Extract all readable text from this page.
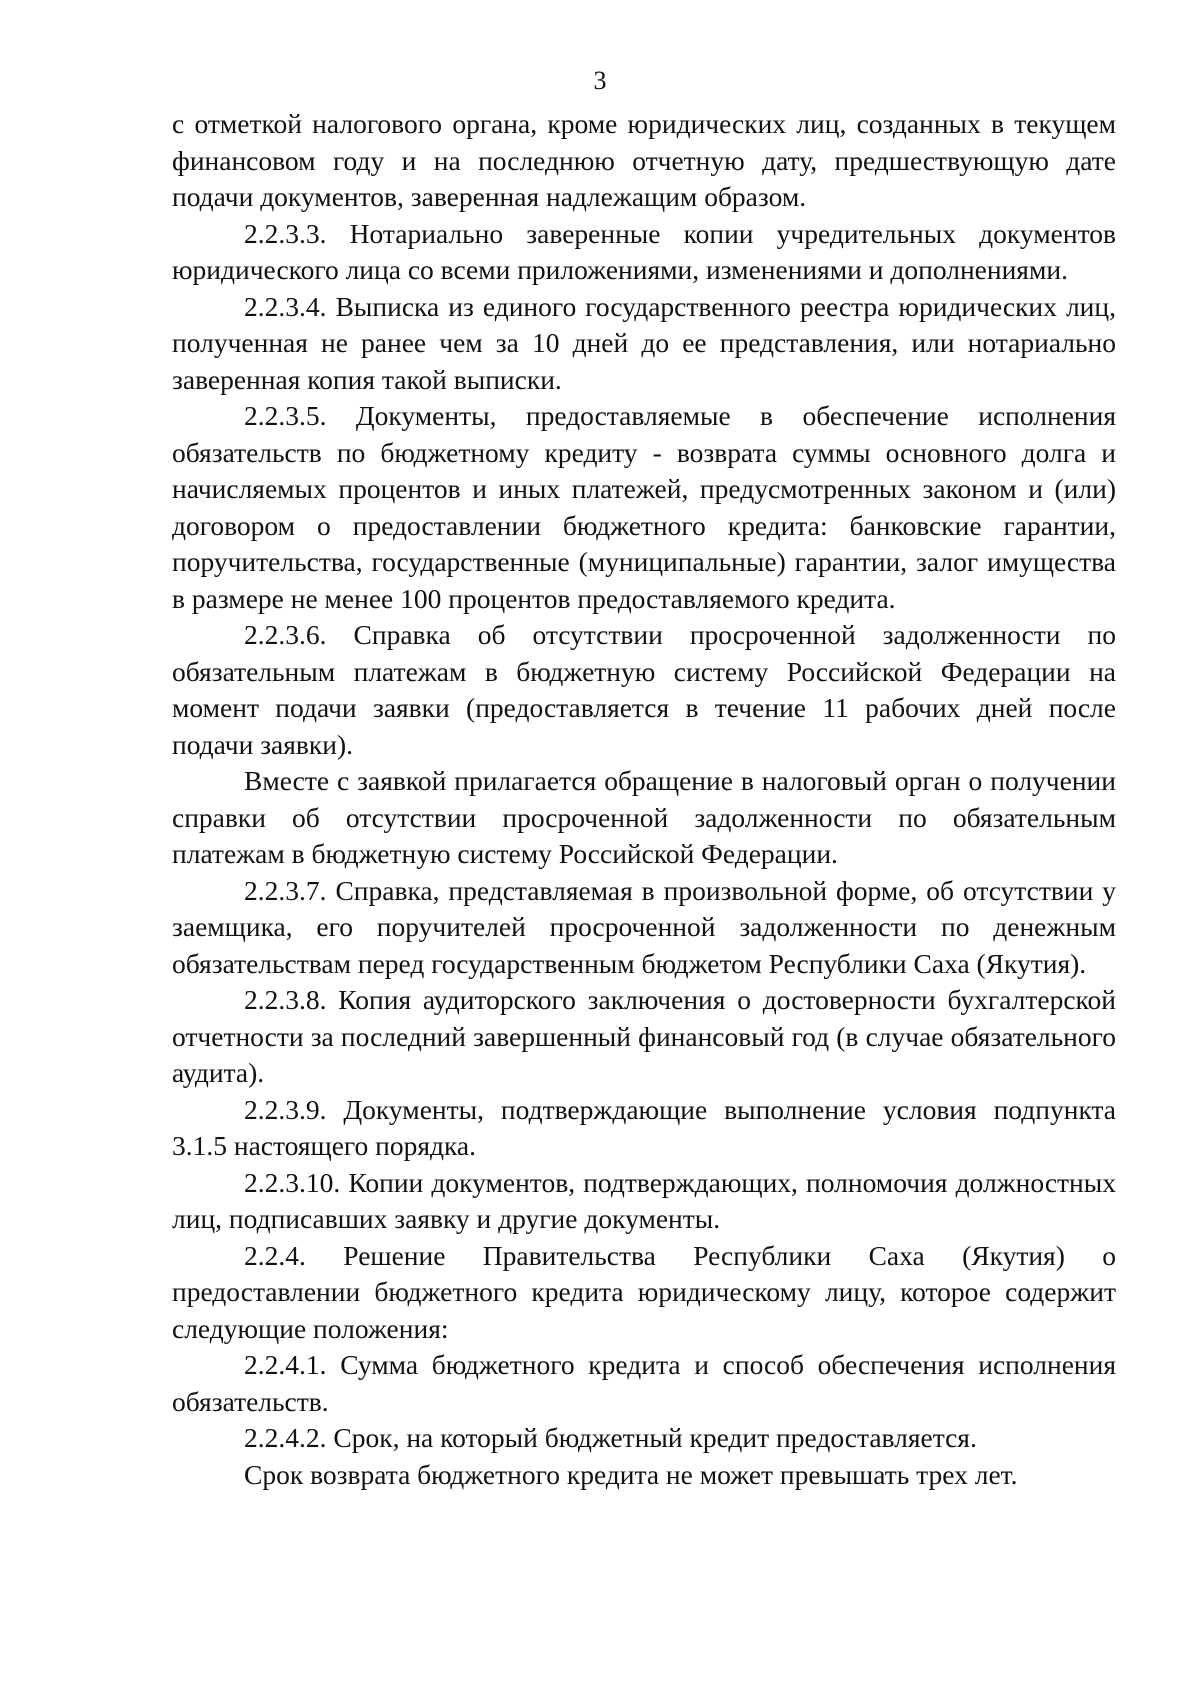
3

с отметкой налогового органа, кроме юридических лиц, созданных в текущем финансовом году и на последнюю отчетную дату, предшествующую дате подачи документов, заверенная надлежащим образом.

2.2.3.3. Нотариально заверенные копии учредительных документов юридического лица со всеми приложениями, изменениями и дополнениями.

2.2.3.4. Выписка из единого государственного реестра юридических лиц, полученная не ранее чем за 10 дней до ее представления, или нотариально заверенная копия такой выписки.

2.2.3.5. Документы, предоставляемые в обеспечение исполнения обязательств по бюджетному кредиту - возврата суммы основного долга и начисляемых процентов и иных платежей, предусмотренных законом и (или) договором о предоставлении бюджетного кредита: банковские гарантии, поручительства, государственные (муниципальные) гарантии, залог имущества в размере не менее 100 процентов предоставляемого кредита.

2.2.3.6. Справка об отсутствии просроченной задолженности по обязательным платежам в бюджетную систему Российской Федерации на момент подачи заявки (предоставляется в течение 11 рабочих дней после подачи заявки).

Вместе с заявкой прилагается обращение в налоговый орган о получении справки об отсутствии просроченной задолженности по обязательным платежам в бюджетную систему Российской Федерации.

2.2.3.7. Справка, представляемая в произвольной форме, об отсутствии у заемщика, его поручителей просроченной задолженности по денежным обязательствам перед государственным бюджетом Республики Саха (Якутия).

2.2.3.8. Копия аудиторского заключения о достоверности бухгалтерской отчетности за последний завершенный финансовый год (в случае обязательного аудита).

2.2.3.9. Документы, подтверждающие выполнение условия подпункта 3.1.5 настоящего порядка.

2.2.3.10. Копии документов, подтверждающих, полномочия должностных лиц, подписавших заявку и другие документы.

2.2.4. Решение Правительства Республики Саха (Якутия) о предоставлении бюджетного кредита юридическому лицу, которое содержит следующие положения:

2.2.4.1. Сумма бюджетного кредита и способ обеспечения исполнения обязательств.

2.2.4.2. Срок, на который бюджетный кредит предоставляется.

Срок возврата бюджетного кредита не может превышать трех лет.
